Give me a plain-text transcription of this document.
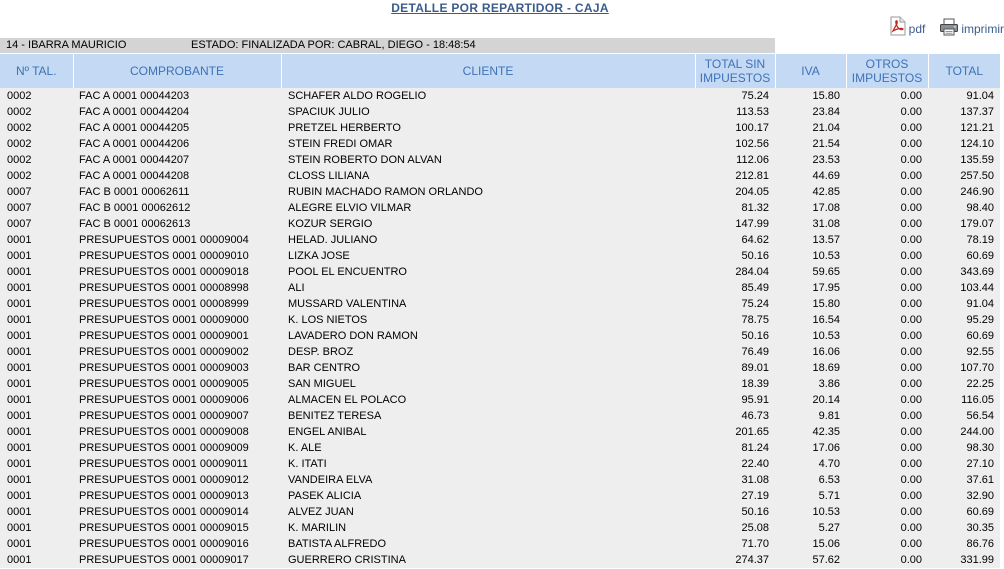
DETALLE POR REPARTIDOR - CAJA
pdf	imprimir
14 - IBARRA MAURICIO	ESTADO: FINALIZADA POR: CABRAL, DIEGO - 18:48:54
Nº TAL.	COMPROBANTE	CLIENTE	TOTAL SIN IMPUESTOS	IVA	OTROS IMPUESTOS	TOTAL
0002	FAC A 0001 00044203	SCHAFER ALDO ROGELIO	75.24	15.80	0.00	91.04
0002	FAC A 0001 00044204	SPACIUK JULIO	113.53	23.84	0.00	137.37
0002	FAC A 0001 00044205	PRETZEL HERBERTO	100.17	21.04	0.00	121.21
0002	FAC A 0001 00044206	STEIN FREDI OMAR	102.56	21.54	0.00	124.10
0002	FAC A 0001 00044207	STEIN ROBERTO DON ALVAN	112.06	23.53	0.00	135.59
0002	FAC A 0001 00044208	CLOSS LILIANA	212.81	44.69	0.00	257.50
0007	FAC B 0001 00062611	RUBIN MACHADO RAMON ORLANDO	204.05	42.85	0.00	246.90
0007	FAC B 0001 00062612	ALEGRE ELVIO VILMAR	81.32	17.08	0.00	98.40
0007	FAC B 0001 00062613	KOZUR SERGIO	147.99	31.08	0.00	179.07
0001	PRESUPUESTOS 0001 00009004	HELAD. JULIANO	64.62	13.57	0.00	78.19
0001	PRESUPUESTOS 0001 00009010	LIZKA JOSE	50.16	10.53	0.00	60.69
0001	PRESUPUESTOS 0001 00009018	POOL EL ENCUENTRO	284.04	59.65	0.00	343.69
0001	PRESUPUESTOS 0001 00008998	ALI	85.49	17.95	0.00	103.44
0001	PRESUPUESTOS 0001 00008999	MUSSARD VALENTINA	75.24	15.80	0.00	91.04
0001	PRESUPUESTOS 0001 00009000	K. LOS NIETOS	78.75	16.54	0.00	95.29
0001	PRESUPUESTOS 0001 00009001	LAVADERO DON RAMON	50.16	10.53	0.00	60.69
0001	PRESUPUESTOS 0001 00009002	DESP. BROZ	76.49	16.06	0.00	92.55
0001	PRESUPUESTOS 0001 00009003	BAR CENTRO	89.01	18.69	0.00	107.70
0001	PRESUPUESTOS 0001 00009005	SAN MIGUEL	18.39	3.86	0.00	22.25
0001	PRESUPUESTOS 0001 00009006	ALMACEN EL POLACO	95.91	20.14	0.00	116.05
0001	PRESUPUESTOS 0001 00009007	BENITEZ TERESA	46.73	9.81	0.00	56.54
0001	PRESUPUESTOS 0001 00009008	ENGEL ANIBAL	201.65	42.35	0.00	244.00
0001	PRESUPUESTOS 0001 00009009	K. ALE	81.24	17.06	0.00	98.30
0001	PRESUPUESTOS 0001 00009011	K. ITATI	22.40	4.70	0.00	27.10
0001	PRESUPUESTOS 0001 00009012	VANDEIRA ELVA	31.08	6.53	0.00	37.61
0001	PRESUPUESTOS 0001 00009013	PASEK ALICIA	27.19	5.71	0.00	32.90
0001	PRESUPUESTOS 0001 00009014	ALVEZ JUAN	50.16	10.53	0.00	60.69
0001	PRESUPUESTOS 0001 00009015	K. MARILIN	25.08	5.27	0.00	30.35
0001	PRESUPUESTOS 0001 00009016	BATISTA ALFREDO	71.70	15.06	0.00	86.76
0001	PRESUPUESTOS 0001 00009017	GUERRERO CRISTINA	274.37	57.62	0.00	331.99
